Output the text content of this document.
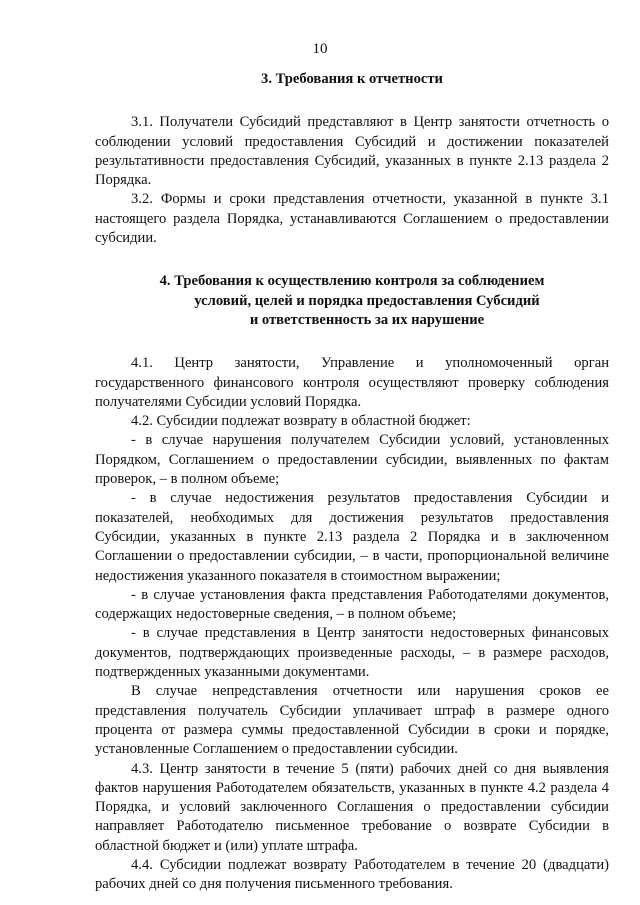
10

3. Требования к отчетности

3.1. Получатели Субсидий представляют в Центр занятости отчетность о соблюдении условий предоставления Субсидий и достижении показателей результативности предоставления Субсидий, указанных в пункте 2.13 раздела 2 Порядка.

3.2. Формы и сроки представления отчетности, указанной в пункте 3.1 настоящего раздела Порядка, устанавливаются Соглашением о предоставлении субсидии.

4. Требования к осуществлению контроля за соблюдением
условий, целей и порядка предоставления Субсидий
и ответственность за их нарушение

4.1. Центр занятости, Управление и уполномоченный орган государственного финансового контроля осуществляют проверку соблюдения получателями Субсидии условий Порядка.

4.2. Субсидии подлежат возврату в областной бюджет:

- в случае нарушения получателем Субсидии условий, установленных Порядком, Соглашением о предоставлении субсидии, выявленных по фактам проверок, – в полном объеме;

- в случае недостижения результатов предоставления Субсидии и показателей, необходимых для достижения результатов предоставления Субсидии, указанных в пункте 2.13 раздела 2 Порядка и в заключенном Соглашении о предоставлении субсидии, – в части, пропорциональной величине недостижения указанного показателя в стоимостном выражении;

- в случае установления факта представления Работодателями документов, содержащих недостоверные сведения, – в полном объеме;

- в случае представления в Центр занятости недостоверных финансовых документов, подтверждающих произведенные расходы, – в размере расходов, подтвержденных указанными документами.

В случае непредставления отчетности или нарушения сроков ее представления получатель Субсидии уплачивает штраф в размере одного процента от размера суммы предоставленной Субсидии в сроки и порядке, установленные Соглашением о предоставлении субсидии.

4.3. Центр занятости в течение 5 (пяти) рабочих дней со дня выявления фактов нарушения Работодателем обязательств, указанных в пункте 4.2 раздела 4 Порядка, и условий заключенного Соглашения о предоставлении субсидии направляет Работодателю письменное требование о возврате Субсидии в областной бюджет и (или) уплате штрафа.

4.4. Субсидии подлежат возврату Работодателем в течение 20 (двадцати) рабочих дней со дня получения письменного требования.
